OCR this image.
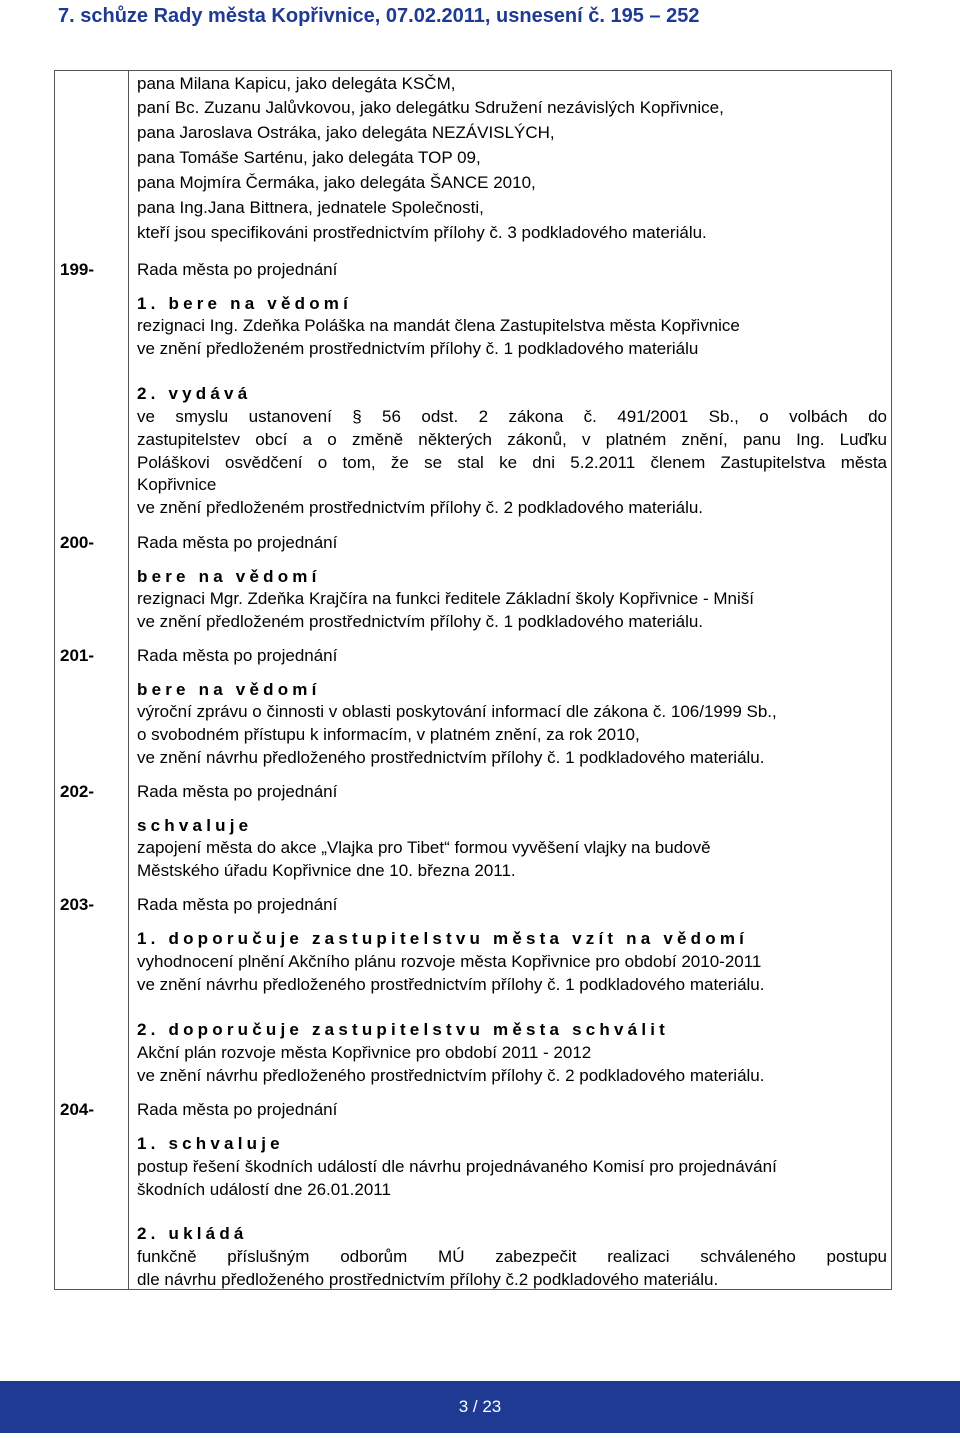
7. schůze Rady města Kopřivnice, 07.02.2011, usnesení č. 195 – 252
pana Milana Kapicu, jako delegáta KSČM,
paní Bc. Zuzanu Jalůvkovou, jako delegátku Sdružení nezávislých Kopřivnice,
pana Jaroslava Ostráka, jako delegáta NEZÁVISLÝCH,
pana Tomáše Sarténu, jako delegáta TOP 09,
pana Mojmíra Čermáka, jako delegáta ŠANCE 2010,
pana Ing.Jana Bittnera, jednatele Společnosti,
kteří jsou specifikováni prostřednictvím přílohy č. 3 podkladového materiálu.
199-	Rada města po projednání
1. bere na vědomí
rezignaci Ing. Zdeňka Poláška na mandát člena Zastupitelstva města Kopřivnice
ve znění předloženém prostřednictvím přílohy č. 1 podkladového materiálu
2. vydává
ve smyslu ustanovení § 56 odst. 2 zákona č. 491/2001 Sb., o volbách do
zastupitelstev obcí a o změně některých zákonů, v platném znění, panu Ing. Luďku
Poláškovi osvědčení o tom, že se stal ke dni 5.2.2011 členem Zastupitelstva města
Kopřivnice
ve znění předloženém prostřednictvím přílohy č. 2 podkladového materiálu.
200-	Rada města po projednání
bere na vědomí
rezignaci Mgr. Zdeňka Krajčíra na funkci ředitele Základní školy Kopřivnice - Mniší
ve znění předloženém prostřednictvím přílohy č. 1 podkladového materiálu.
201-	Rada města po projednání
bere na vědomí
výroční zprávu o činnosti v oblasti poskytování informací dle zákona č. 106/1999 Sb.,
o svobodném přístupu k informacím, v platném znění, za rok 2010,
ve znění návrhu předloženého prostřednictvím přílohy č. 1 podkladového materiálu.
202-	Rada města po projednání
schvaluje
zapojení města do akce „Vlajka pro Tibet“ formou vyvěšení vlajky na budově
Městského úřadu Kopřivnice dne 10. března 2011.
203-	Rada města po projednání
1. doporučuje zastupitelstvu města vzít na vědomí
vyhodnocení plnění Akčního plánu rozvoje města Kopřivnice pro období 2010-2011
ve znění návrhu předloženého prostřednictvím přílohy č. 1 podkladového materiálu.
2. doporučuje zastupitelstvu města schválit
Akční plán rozvoje města Kopřivnice pro období 2011 - 2012
ve znění návrhu předloženého prostřednictvím přílohy č. 2 podkladového materiálu.
204-	Rada města po projednání
1. schvaluje
postup řešení škodních událostí dle návrhu projednávaného Komisí pro projednávání
škodních událostí dne 26.01.2011
2. ukládá
funkčně příslušným odborům MÚ zabezpečit realizaci schváleného postupu
dle návrhu předloženého prostřednictvím přílohy č.2 podkladového materiálu.
3 / 23
